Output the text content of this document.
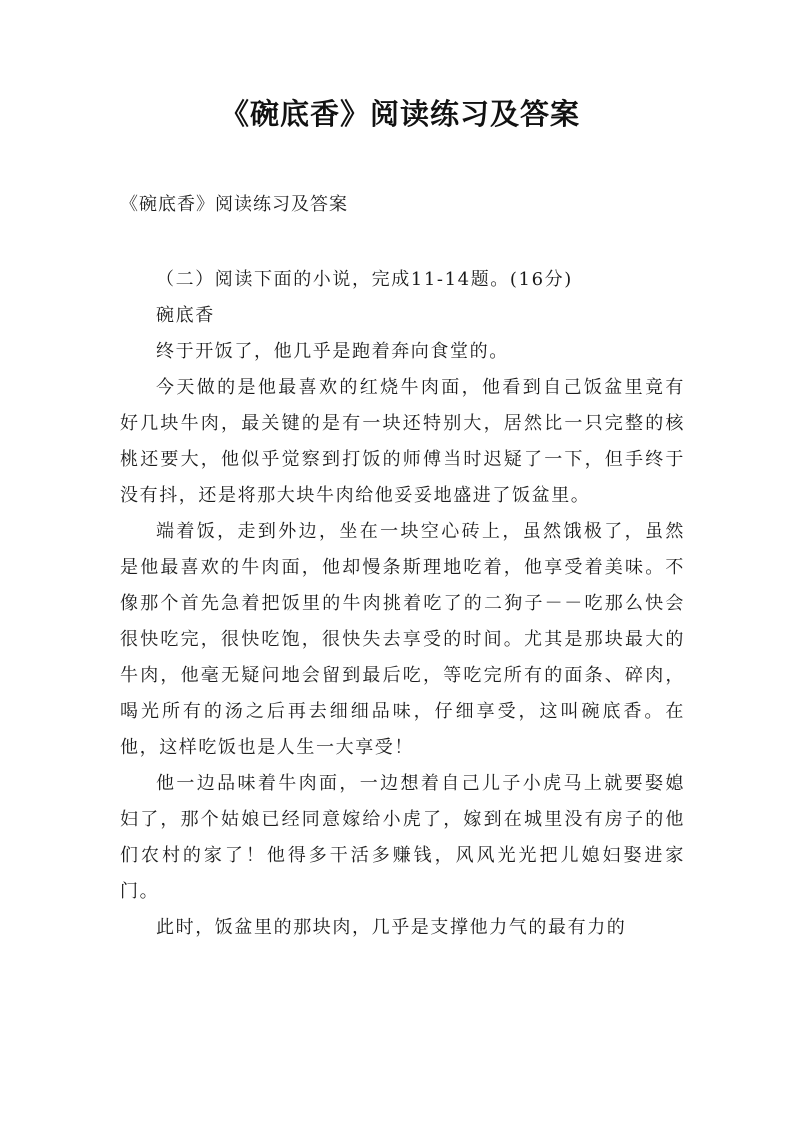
《碗底香》阅读练习及答案
《碗底香》阅读练习及答案

（二）阅读下面的小说，完成11-14题。(16分)

碗底香

终于开饭了，他几乎是跑着奔向食堂的。

今天做的是他最喜欢的红烧牛肉面，他看到自己饭盆里竟有好几块牛肉，最关键的是有一块还特别大，居然比一只完整的核桃还要大，他似乎觉察到打饭的师傅当时迟疑了一下，但手终于没有抖，还是将那大块牛肉给他妥妥地盛进了饭盆里。

端着饭，走到外边，坐在一块空心砖上，虽然饿极了，虽然是他最喜欢的牛肉面，他却慢条斯理地吃着，他享受着美味。不像那个首先急着把饭里的牛肉挑着吃了的二狗子－－吃那么快会很快吃完，很快吃饱，很快失去享受的时间。尤其是那块最大的牛肉，他毫无疑问地会留到最后吃，等吃完所有的面条、碎肉，喝光所有的汤之后再去细细品味，仔细享受，这叫碗底香。在他，这样吃饭也是人生一大享受！

他一边品味着牛肉面，一边想着自己儿子小虎马上就要娶媳妇了，那个姑娘已经同意嫁给小虎了，嫁到在城里没有房子的他们农村的家了！他得多干活多赚钱，风风光光把儿媳妇娶进家门。

此时，饭盆里的那块肉，几乎是支撑他力气的最有力的
